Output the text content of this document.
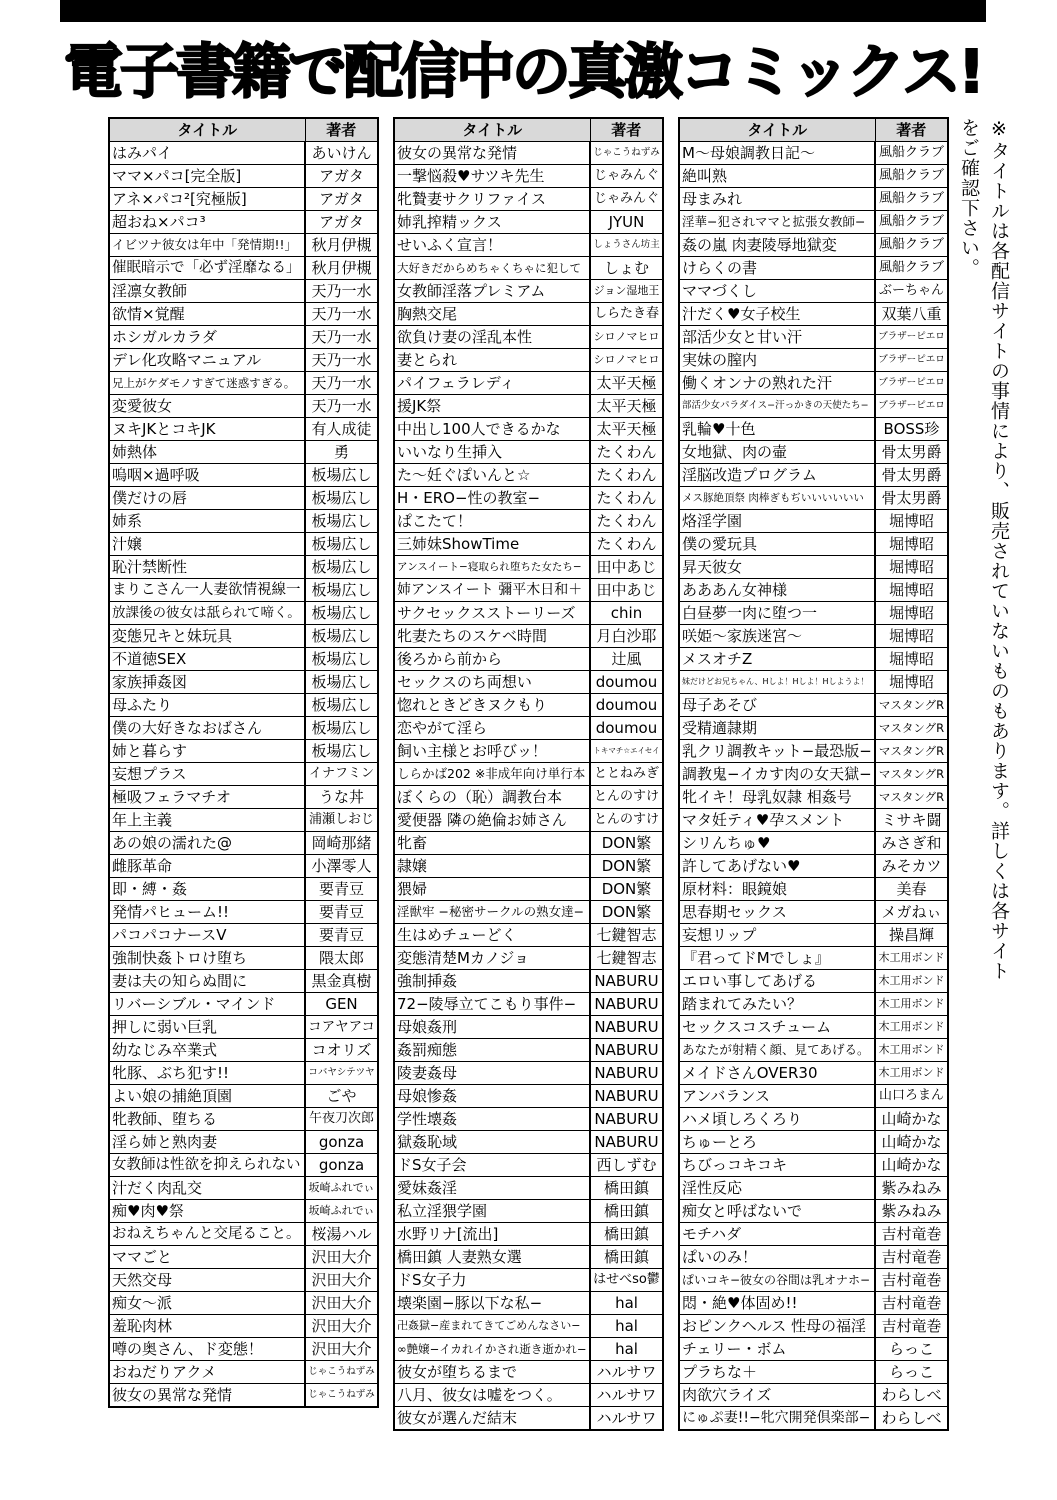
電子書籍で配信中の真激コミックス!
タイトル	著者
はみパイ	あいけん
ママ×パコ[完全版]	アガタ
アネ×パコ²[究極版]	アガタ
超おね×パコ³	アガタ
イビツナ彼女は年中「発情期!!」	秋月伊槻
催眠暗示で「必ず淫靡なる」	秋月伊槻
淫凛女教師	天乃一水
欲情×覚醒	天乃一水
ホシガルカラダ	天乃一水
デレ化攻略マニュアル	天乃一水
兄上がケダモノすぎて迷惑すぎる。	天乃一水
変愛彼女	天乃一水
ヌキJKとコキJK	有人成徒
姉熱体	勇
嗚咽×過呼吸	板場広し
僕だけの唇	板場広し
姉系	板場広し
汁嬢	板場広し
恥汁禁断性	板場広し
まりこさん一人妻欲情視線一	板場広し
放課後の彼女は舐られて啼く。	板場広し
変態兄キと妹玩具	板場広し
不道徳SEX	板場広し
家族挿姦図	板場広し
母ふたり	板場広し
僕の大好きなおばさん	板場広し
姉と暮らす	板場広し
妄想プラス	イナフミン
極吸フェラマチオ	うな丼
年上主義	浦瀬しおじ
あの娘の濡れた@	岡崎那緒
雌豚革命	小澤零人
即・縛・姦	要青豆
発情パヒューム!!	要青豆
パコパコナースV	要青豆
強制快姦トロけ堕ち	隈太郎
妻は夫の知らぬ間に	黒金真樹
リバーシブル・マインド	GEN
押しに弱い巨乳	コアヤアコ
幼なじみ卒業式	コオリズ
牝豚、ぶち犯す!!	コバヤシテツヤ
よい娘の捕絶頂園	ごや
牝教師、堕ちる	午夜刀次郎
淫ら姉と熟肉妻	gonza
女教師は性欲を抑えられない	gonza
汁だく肉乱交	坂崎ふれでぃ
痴♥肉♥祭	坂崎ふれでぃ
おねえちゃんと交尾ること。	桜湯ハル
ママごと	沢田大介
天然交母	沢田大介
痴女〜派	沢田大介
羞恥肉林	沢田大介
噂の奥さん、ド変態！	沢田大介
おねだりアクメ	じゃこうねずみ
彼女の異常な発情	じゃこうねずみ
タイトル	著者
彼女の異常な発情	じゃこうねずみ
一撃悩殺♥サツキ先生	じゃみんぐ
牝贄妻サクリファイス	じゃみんぐ
姉乳搾精ックス	JYUN
せいふく宣言！	しょうさん坊主
大好きだからめちゃくちゃに犯して	しょむ
女教師淫落プレミアム	ジョン湿地王
胸熱交尾	しらたき春
欲負け妻の淫乱本性	シロノマヒロ
妻とられ	シロノマヒロ
パイフェラレディ	太平天極
援JK祭	太平天極
中出し100人できるかな	太平天極
いいなり生挿入	たくわん
た〜妊ぐぽいんと☆	たくわん
H・ERO−性の教室−	たくわん
ぱこたて！	たくわん
三姉妹ShowTime	たくわん
アンスイート−寝取られ堕ちた女たち−	田中あじ
姉アンスイート 彌平木日和＋	田中あじ
サクセックスストーリーズ	chin
牝妻たちのスケベ時間	月白沙耶
後ろから前から	辻風
セックスのち両想い	doumou
惚れときどきヌクもり	doumou
恋やがて淫ら	doumou
飼い主様とお呼びッ！	トキマチ☆エイセイ
しらかば202 ※非成年向け単行本	ととねみぎ
ぼくらの（恥）調教台本	とんのすけ
愛便器 隣の絶倫お姉さん	とんのすけ
牝畜	DON繁
隷嬢	DON繁
猥婦	DON繁
淫獣牢 −秘密サークルの熟女達−	DON繁
生はめチューどく	七鍵智志
変態清楚Mカノジョ	七鍵智志
強制挿姦	NABURU
72−陵辱立てこもり事件−	NABURU
母娘姦刑	NABURU
姦罰痴態	NABURU
陵妻姦母	NABURU
母娘惨姦	NABURU
学性壊姦	NABURU
獄姦恥域	NABURU
ドS女子会	西しずむ
愛妹姦淫	橋田鎮
私立淫猥学園	橋田鎮
水野リナ[流出]	橋田鎮
橋田鎮 人妻熟女選	橋田鎮
ドS女子力	はせべso鬱
壊楽園−豚以下な私−	hal
卍姦獄−産まれてきてごめんなさい−	hal
∞艶嬢−イカれイかされ逝き逝かれ−	hal
彼女が堕ちるまで	ハルサワ
八月、彼女は嘘をつく。	ハルサワ
彼女が選んだ結末	ハルサワ
タイトル	著者
M〜母娘調教日記〜	風船クラブ
絶叫熟	風船クラブ
母まみれ	風船クラブ
淫華−犯されママと拡張女教師−	風船クラブ
姦の嵐 肉妻陵辱地獄変	風船クラブ
けらくの書	風船クラブ
ママづくし	ぶーちゃん
汁だく♥女子校生	双葉八重
部活少女と甘い汗	ブラザーピエロ
実妹の膣内	ブラザーピエロ
働くオンナの熟れた汗	ブラザーピエロ
部活少女パラダイス−汗っかきの天使たち−	ブラザーピエロ
乳輪♥十色	BOSS珍
女地獄、肉の壷	骨太男爵
淫脳改造プログラム	骨太男爵
メス豚絶頂祭 肉棒ぎもぢいいいいいい	骨太男爵
烙淫学園	堀博昭
僕の愛玩具	堀博昭
昇天彼女	堀博昭
あああん女神様	堀博昭
白昼夢一肉に堕つ一	堀博昭
咲姫〜家族迷宮〜	堀博昭
メスオチZ	堀博昭
妹だけどお兄ちゃん、Hしよ！Hしよ！Hしようよ！	堀博昭
母子あそび	マスタングR
受精適隷期	マスタングR
乳クリ調教キット−最恐版−	マスタングR
調教鬼−イカす肉の女天獄−	マスタングR
牝イキ！母乳奴隷 相姦号	マスタングR
マタ妊ティ♥孕スメント	ミサキ闘
シリんちゅ♥	みさぎ和
許してあげない♥	みそカツ
原材料：眼鏡娘	美春
思春期セックス	メガねぃ
妄想リップ	操昌輝
『君ってドMでしょ』	木工用ボンド
エロい事してあげる	木工用ボンド
踏まれてみたい？	木工用ボンド
セックスコスチューム	木工用ボンド
あなたが射精く顔、見てあげる。	木工用ボンド
メイドさんOVER30	木工用ボンド
アンバランス	山口ろまん
ハメ頃しろくろり	山崎かな
ちゅーとろ	山崎かな
ちびっコキコキ	山崎かな
淫性反応	紫みねみ
痴女と呼ばないで	紫みねみ
モチハダ	吉村竜巻
ぱいのみ！	吉村竜巻
ぱいコキ−彼女の谷間は乳オナホ−	吉村竜巻
悶・絶♥体固め!!	吉村竜巻
おピンクヘルス 性母の福淫	吉村竜巻
チェリー・ボム	らっこ
プラちな＋	らっこ
肉欲穴ライズ	わらしべ
にゅぷ妻!!−牝穴開発倶楽部−	わらしべ
※タイトルは各配信サイトの事情により、販売されていないものもあります。詳しくは各サイトをご確認下さい。
